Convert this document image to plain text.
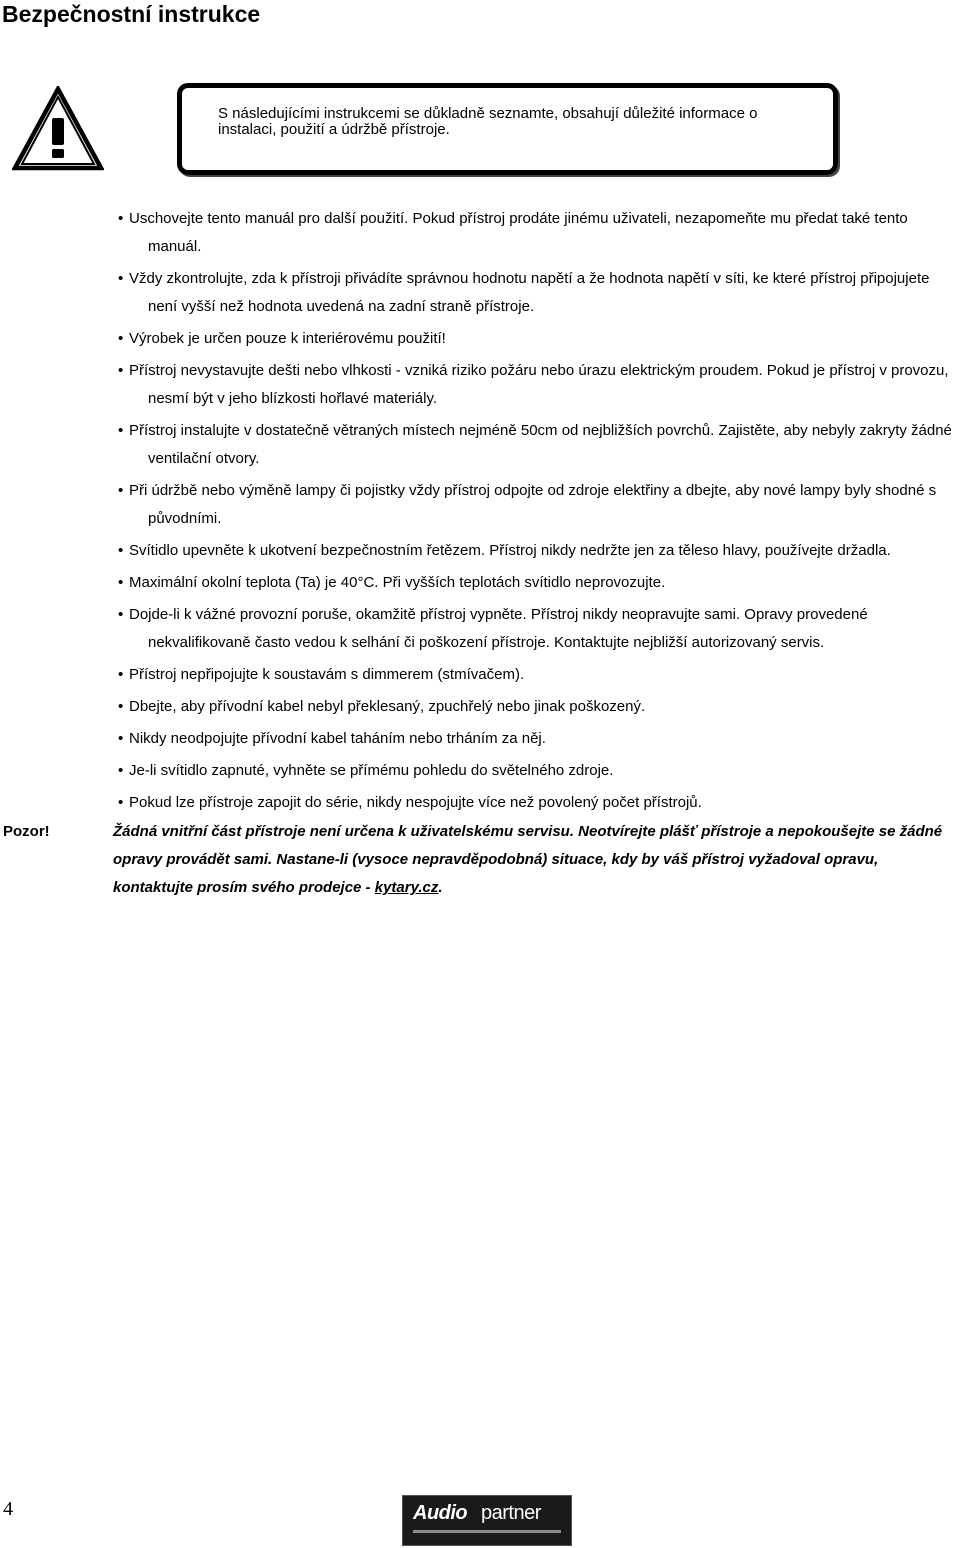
Bezpečnostní instrukce
S následujícími instrukcemi se důkladně seznamte, obsahují důležité informace o
instalaci, použití a údržbě přístroje.
• Uschovejte tento manuál pro další použití. Pokud přístroj prodáte jinému uživateli, nezapomeňte mu předat také tento manuál.
• Vždy zkontrolujte, zda k přístroji přivádíte správnou hodnotu napětí a že hodnota napětí v síti, ke které přístroj připojujete není vyšší než hodnota uvedená na zadní straně přístroje.
• Výrobek je určen pouze k interiérovému použití!
• Přístroj nevystavujte dešti nebo vlhkosti - vzniká riziko požáru nebo úrazu elektrickým proudem. Pokud je přístroj v provozu, nesmí být v jeho blízkosti hořlavé materiály.
• Přístroj instalujte v dostatečně větraných místech nejméně 50cm od nejbližších povrchů. Zajistěte, aby nebyly zakryty žádné ventilační otvory.
• Při údržbě nebo výměně lampy či pojistky vždy přístroj odpojte od zdroje elektřiny a dbejte, aby nové lampy byly shodné s původními.
• Svítidlo upevněte k ukotvení bezpečnostním řetězem. Přístroj nikdy nedržte jen za těleso hlavy, používejte držadla.
• Maximální okolní teplota (Ta) je 40°C. Při vyšších teplotách svítidlo neprovozujte.
• Dojde-li k vážné provozní poruše, okamžitě přístroj vypněte. Přístroj nikdy neopravujte sami. Opravy provedené nekvalifikovaně často vedou k selhání či poškození přístroje. Kontaktujte nejbližší autorizovaný servis.
• Přístroj nepřipojujte k soustavám s dimmerem (stmívačem).
• Dbejte, aby přívodní kabel nebyl překlesaný, zpuchřelý nebo jinak poškozený.
• Nikdy neodpojujte přívodní kabel taháním nebo trháním za něj.
• Je-li svítidlo zapnuté, vyhněte se přímému pohledu do světelného zdroje.
• Pokud lze přístroje zapojit do série, nikdy nespojujte více než povolený počet přístrojů.
Pozor!	Žádná vnitřní část přístroje není určena k uživatelskému servisu. Neotvírejte plášť přístroje a nepokoušejte se žádné opravy provádět sami. Nastane-li (vysoce nepravděpodobná) situace, kdy by váš přístroj vyžadoval opravu, kontaktujte prosím svého prodejce - kytary.cz.
4	Audio partner
